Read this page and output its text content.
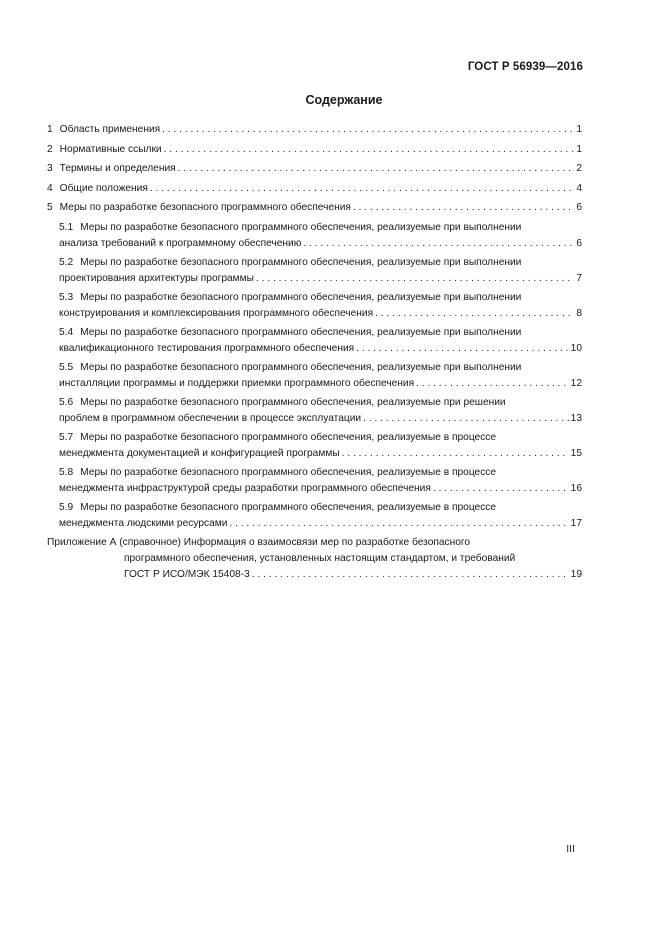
ГОСТ Р 56939—2016
Содержание
1 Область применения . . .	1
2 Нормативные ссылки . . .	1
3 Термины и определения . . .	2
4 Общие положения . . .	4
5 Меры по разработке безопасного программного обеспечения . . .	6
5.1 Меры по разработке безопасного программного обеспечения, реализуемые при выполнении
анализа требований к программному обеспечению . . .	6
5.2 Меры по разработке безопасного программного обеспечения, реализуемые при выполнении
проектирования архитектуры программы . . .	7
5.3 Меры по разработке безопасного программного обеспечения, реализуемые при выполнении
конструирования и комплексирования программного обеспечения . . .	8
5.4 Меры по разработке безопасного программного обеспечения, реализуемые при выполнении
квалификационного тестирования программного обеспечения . . .	10
5.5 Меры по разработке безопасного программного обеспечения, реализуемые при выполнении
инсталляции программы и поддержки приемки программного обеспечения . . .	12
5.6 Меры по разработке безопасного программного обеспечения, реализуемые при решении
проблем в программном обеспечении в процессе эксплуатации . . .	13
5.7 Меры по разработке безопасного программного обеспечения, реализуемые в процессе
менеджмента документацией и конфигурацией программы . . .	15
5.8 Меры по разработке безопасного программного обеспечения, реализуемые в процессе
менеджмента инфраструктурой среды разработки программного обеспечения . . .	16
5.9 Меры по разработке безопасного программного обеспечения, реализуемые в процессе
менеджмента людскими ресурсами . . .	17
Приложение А (справочное) Информация о взаимосвязи мер по разработке безопасного
программного обеспечения, установленных настоящим стандартом, и требований
ГОСТ Р ИСО/МЭК 15408-3 . . .	19
III
